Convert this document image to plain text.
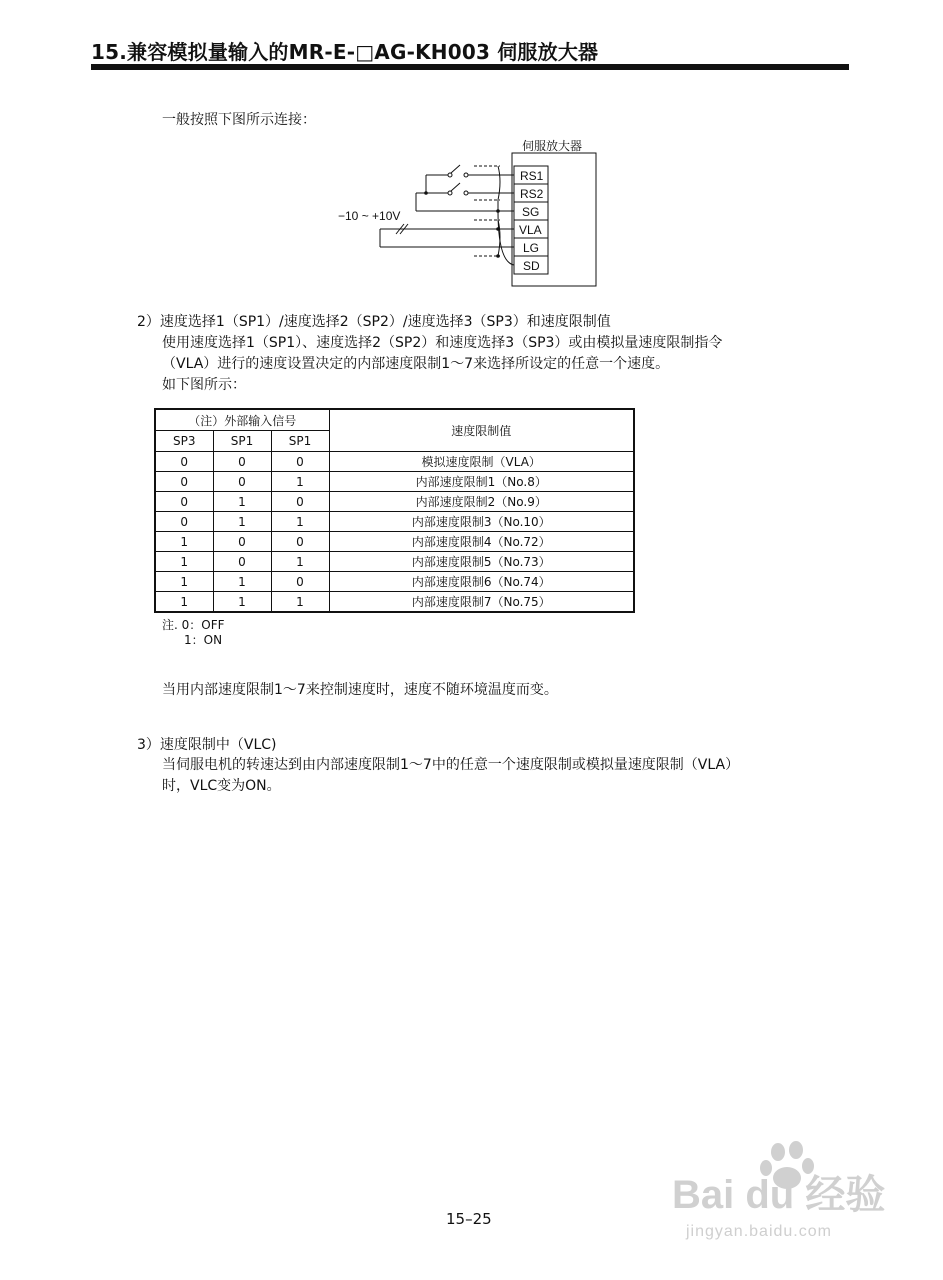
15.兼容模拟量输入的MR-E-□AG-KH003 伺服放大器
一般按照下图所示连接：
伺服放大器
RS1
RS2
SG
VLA
LG
SD
−10 ~ +10V
2）速度选择1（SP1）/速度选择2（SP2）/速度选择3（SP3）和速度限制值
使用速度选择1（SP1）、速度选择2（SP2）和速度选择3（SP3）或由模拟量速度限制指令
（VLA）进行的速度设置决定的内部速度限制1～7来选择所设定的任意一个速度。
如下图所示：
（注）外部输入信号			速度限制值
SP3	SP1	SP1	
0	0	0	模拟速度限制（VLA）
0	0	1	内部速度限制1（No.8）
0	1	0	内部速度限制2（No.9）
0	1	1	内部速度限制3（No.10）
1	0	0	内部速度限制4（No.72）
1	0	1	内部速度限制5（No.73）
1	1	0	内部速度限制6（No.74）
1	1	1	内部速度限制7（No.75）
注. 0：OFF
1：ON
当用内部速度限制1～7来控制速度时，速度不随环境温度而变。
3）速度限制中（VLC)
当伺服电机的转速达到由内部速度限制1～7中的任意一个速度限制或模拟量速度限制（VLA）
时，VLC变为ON。
15–25
Bai du 经验
jingyan.baidu.com
